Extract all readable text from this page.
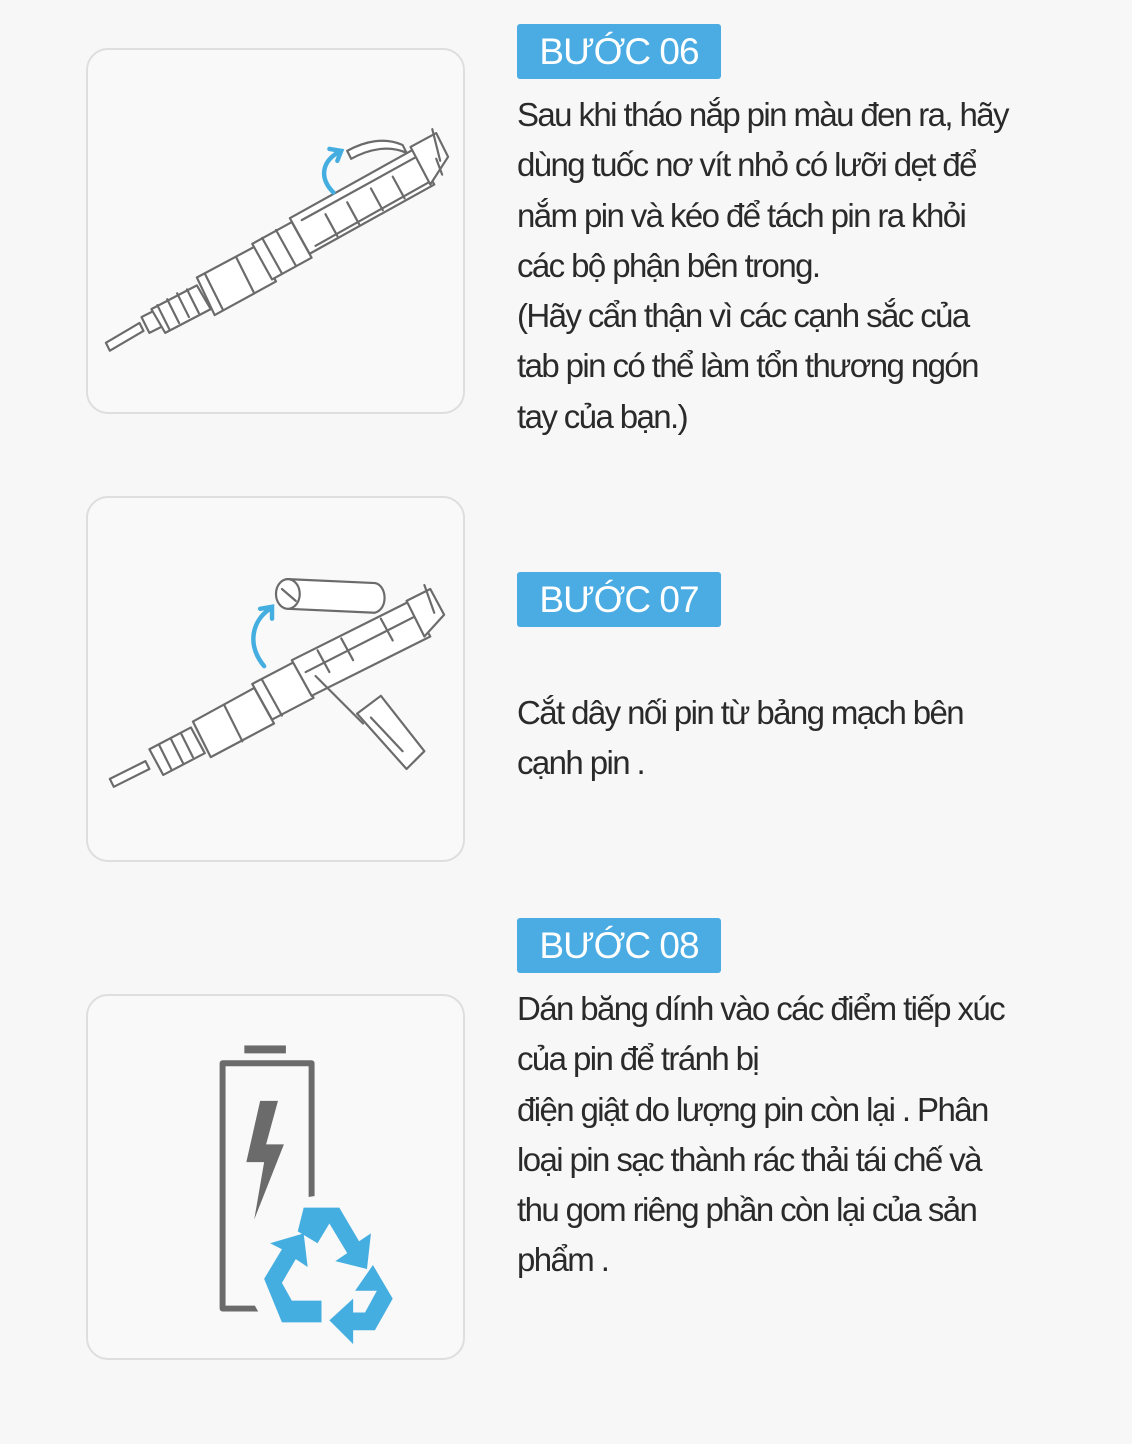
BƯỚC 06
Sau khi tháo nắp pin màu đen ra, hãy
dùng tuốc nơ vít nhỏ có lưỡi dẹt để
nắm pin và kéo để tách pin ra khỏi
các bộ phận bên trong.
(Hãy cẩn thận vì các cạnh sắc của
tab pin có thể làm tổn thương ngón
tay của bạn.)
BƯỚC 07
Cắt dây nối pin từ bảng mạch bên
cạnh pin .
BƯỚC 08
Dán băng dính vào các điểm tiếp xúc
của pin để tránh bị
điện giật do lượng pin còn lại . Phân
loại pin sạc thành rác thải tái chế và
thu gom riêng phần còn lại của sản
phẩm .
